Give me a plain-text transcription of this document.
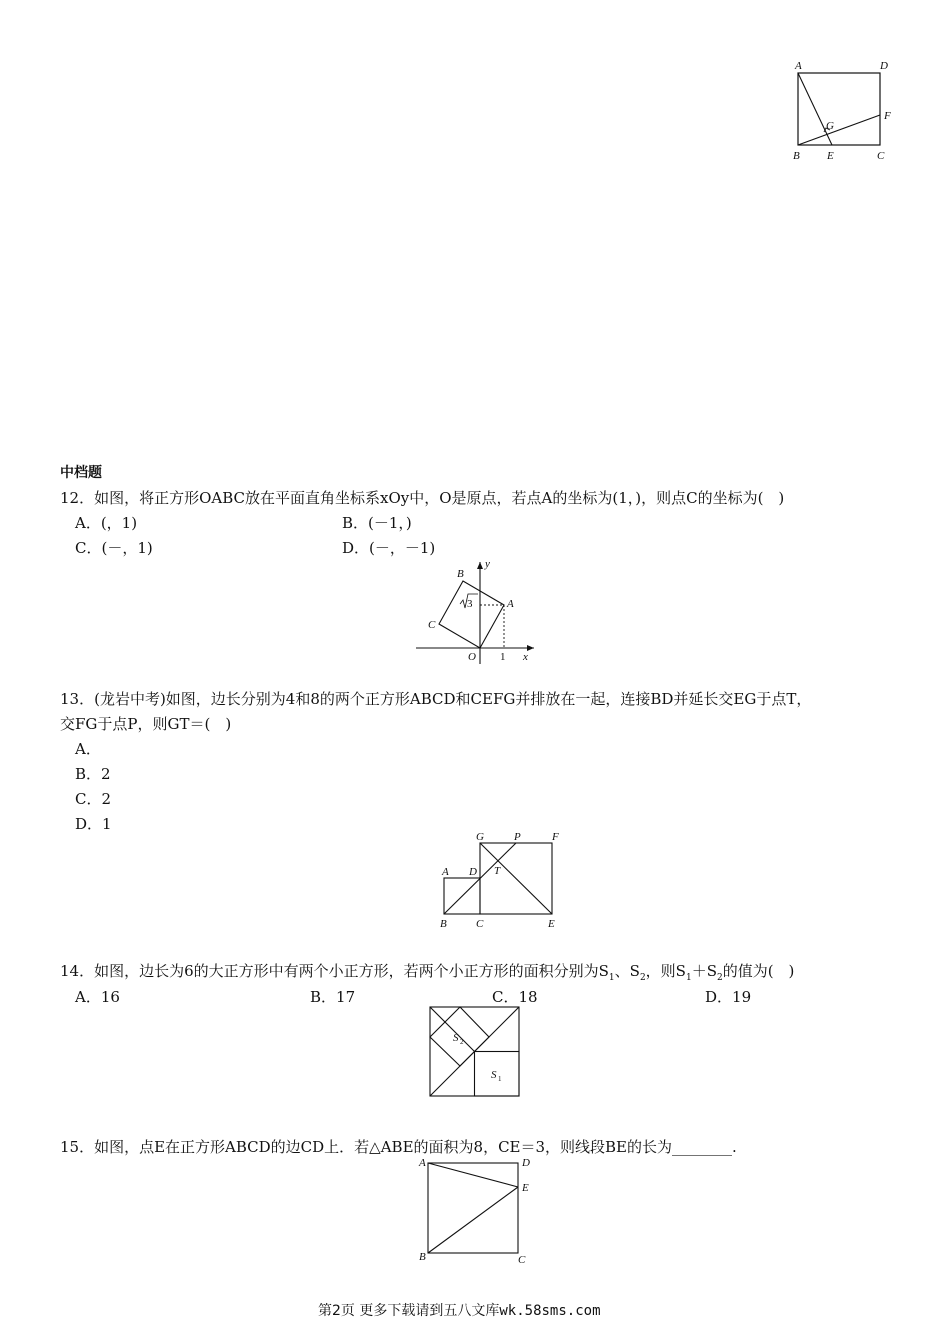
A	D
F
G
B E	C
中档题
12．如图，将正方形OABC放在平面直角坐标系xOy中，O是原点，若点A的坐标为(1，)，则点C的坐标为(　)
A．(，1)	B．(－1，)
C．(－，1)	D．(－，－1)
3
B
y
A
C
O 1 x
13．(龙岩中考)如图，边长分别为4和8的两个正方形ABCD和CEFG并排放在一起，连接BD并延长交EG于点T，
交FG于点P，则GT＝(　)
A．
B．2
C．2
D．1
G	P	F
A D T
B	C	E
14．如图，边长为6的大正方形中有两个小正方形，若两个小正方形的面积分别为$S_1$、$S_2$，则$S_1+S_2$的值为(　)
A．16	B．17	C．18	D．19
S 2
S 1
15．如图，点E在正方形ABCD的边CD上．若△ABE的面积为8，CE＝3，则线段BE的长为________.
A	D
E
B	C
第2页 更多下载请到五八文库wk.58sms.com
